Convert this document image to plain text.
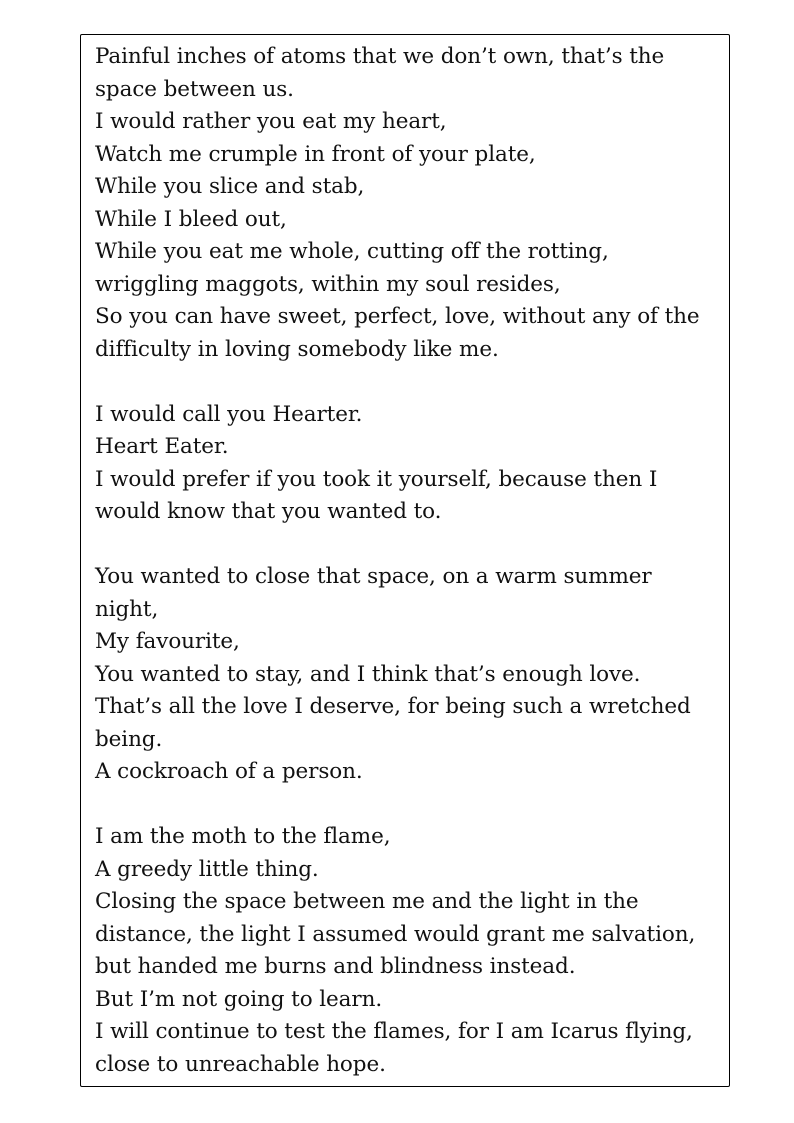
Painful inches of atoms that we don’t own, that’s the space between us.
I would rather you eat my heart,
Watch me crumple in front of your plate,
While you slice and stab,
While I bleed out,
While you eat me whole, cutting off the rotting, wriggling maggots, within my soul resides,
So you can have sweet, perfect, love, without any of the difficulty in loving somebody like me.
I would call you Hearter.
Heart Eater.
I would prefer if you took it yourself, because then I would know that you wanted to.
You wanted to close that space, on a warm summer night,
My favourite,
You wanted to stay, and I think that’s enough love.
That’s all the love I deserve, for being such a wretched being.
A cockroach of a person.
I am the moth to the flame,
A greedy little thing.
Closing the space between me and the light in the distance, the light I assumed would grant me salvation, but handed me burns and blindness instead.
But I’m not going to learn.
I will continue to test the flames, for I am Icarus flying, close to unreachable hope.
